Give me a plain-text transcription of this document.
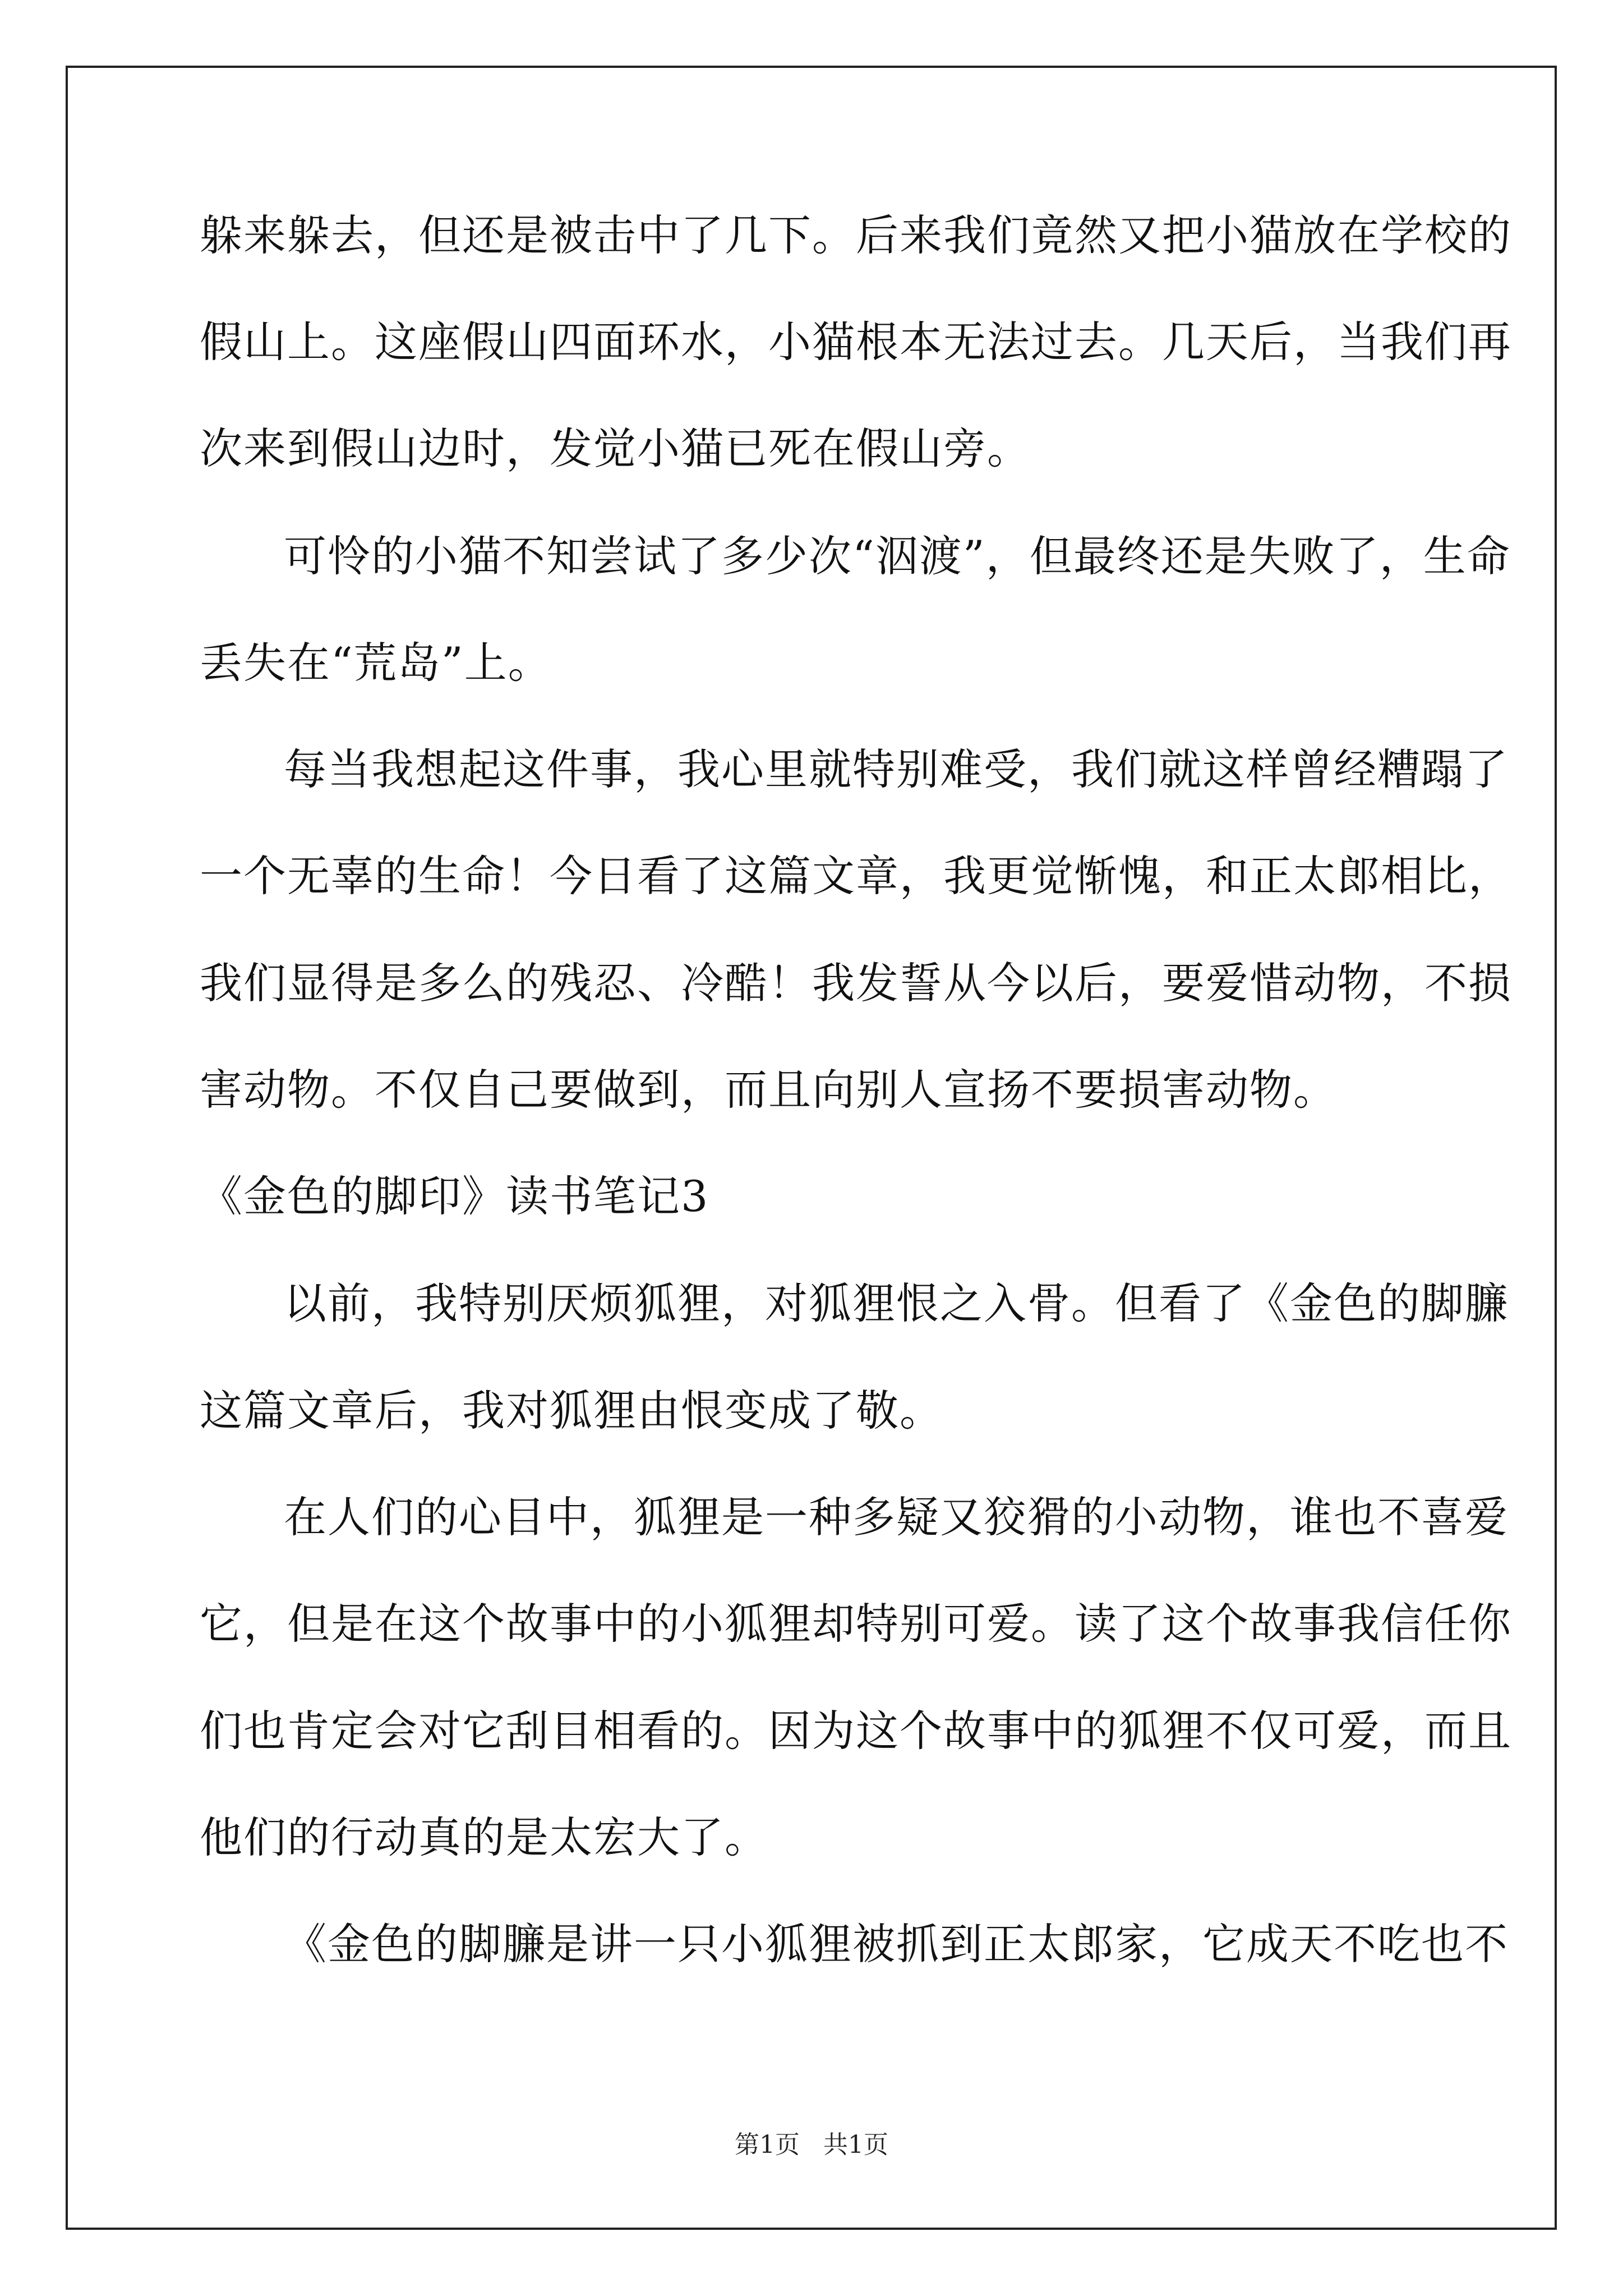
躲来躲去，但还是被击中了几下。后来我们竟然又把小猫放在学校的
假山上。这座假山四面环水，小猫根本无法过去。几天后，当我们再
次来到假山边时，发觉小猫已死在假山旁。
可怜的小猫不知尝试了多少次“泅渡”，但最终还是失败了，生命
丢失在“荒岛”上。
每当我想起这件事，我心里就特别难受，我们就这样曾经糟蹋了
一个无辜的生命！今日看了这篇文章，我更觉惭愧，和正太郎相比，
我们显得是多么的残忍、冷酷！我发誓从今以后，要爱惜动物，不损
害动物。不仅自己要做到，而且向别人宣扬不要损害动物。
《金色的脚印》读书笔记3
以前，我特别厌烦狐狸，对狐狸恨之入骨。但看了《金色的脚臁
这篇文章后，我对狐狸由恨变成了敬。
在人们的心目中，狐狸是一种多疑又狡猾的小动物，谁也不喜爱
它，但是在这个故事中的小狐狸却特别可爱。读了这个故事我信任你
们也肯定会对它刮目相看的。因为这个故事中的狐狸不仅可爱，而且
他们的行动真的是太宏大了。
《金色的脚臁是讲一只小狐狸被抓到正太郎家，它成天不吃也不
第1页 共1页
